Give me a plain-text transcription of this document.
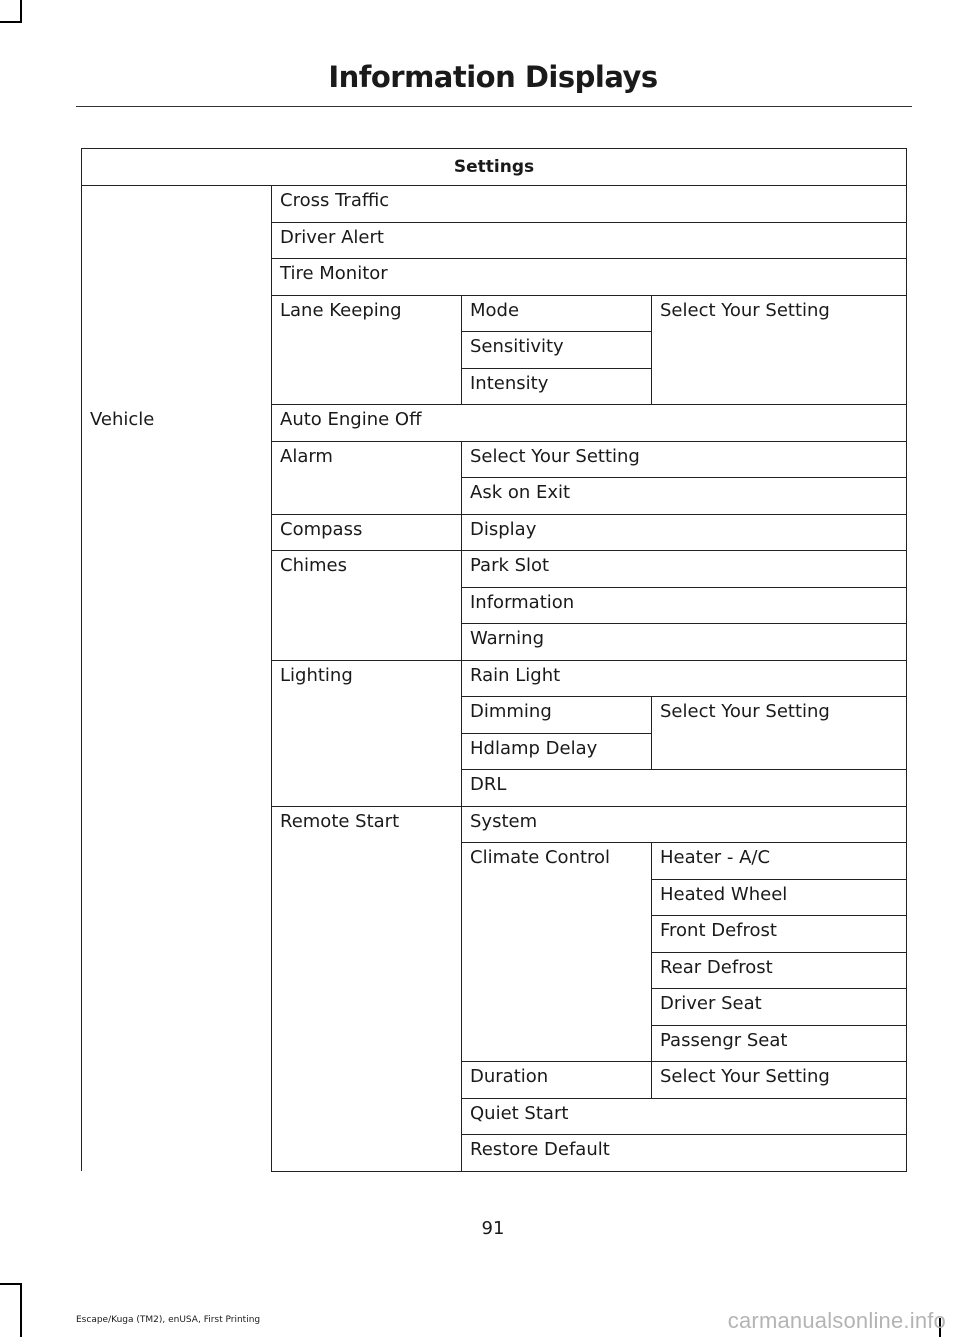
Information Displays
Settings			
	Cross Traffic		
	Driver Alert		
	Tire Monitor		
	Lane Keeping	Mode	Select Your Setting
		Sensitivity	
		Intensity	
Vehicle	Auto Engine Off		
	Alarm	Select Your Setting	
		Ask on Exit	
	Compass	Display	
	Chimes	Park Slot	
		Information	
		Warning	
	Lighting	Rain Light	
		Dimming	Select Your Setting
		Hdlamp Delay	
		DRL	
	Remote Start	System	
		Climate Control	Heater - A/C
			Heated Wheel
			Front Defrost
			Rear Defrost
			Driver Seat
			Passengr Seat
		Duration	Select Your Setting
		Quiet Start	
		Restore Default	
91
Escape/Kuga (TM2), enUSA, First Printing	carmanualsonline.info
